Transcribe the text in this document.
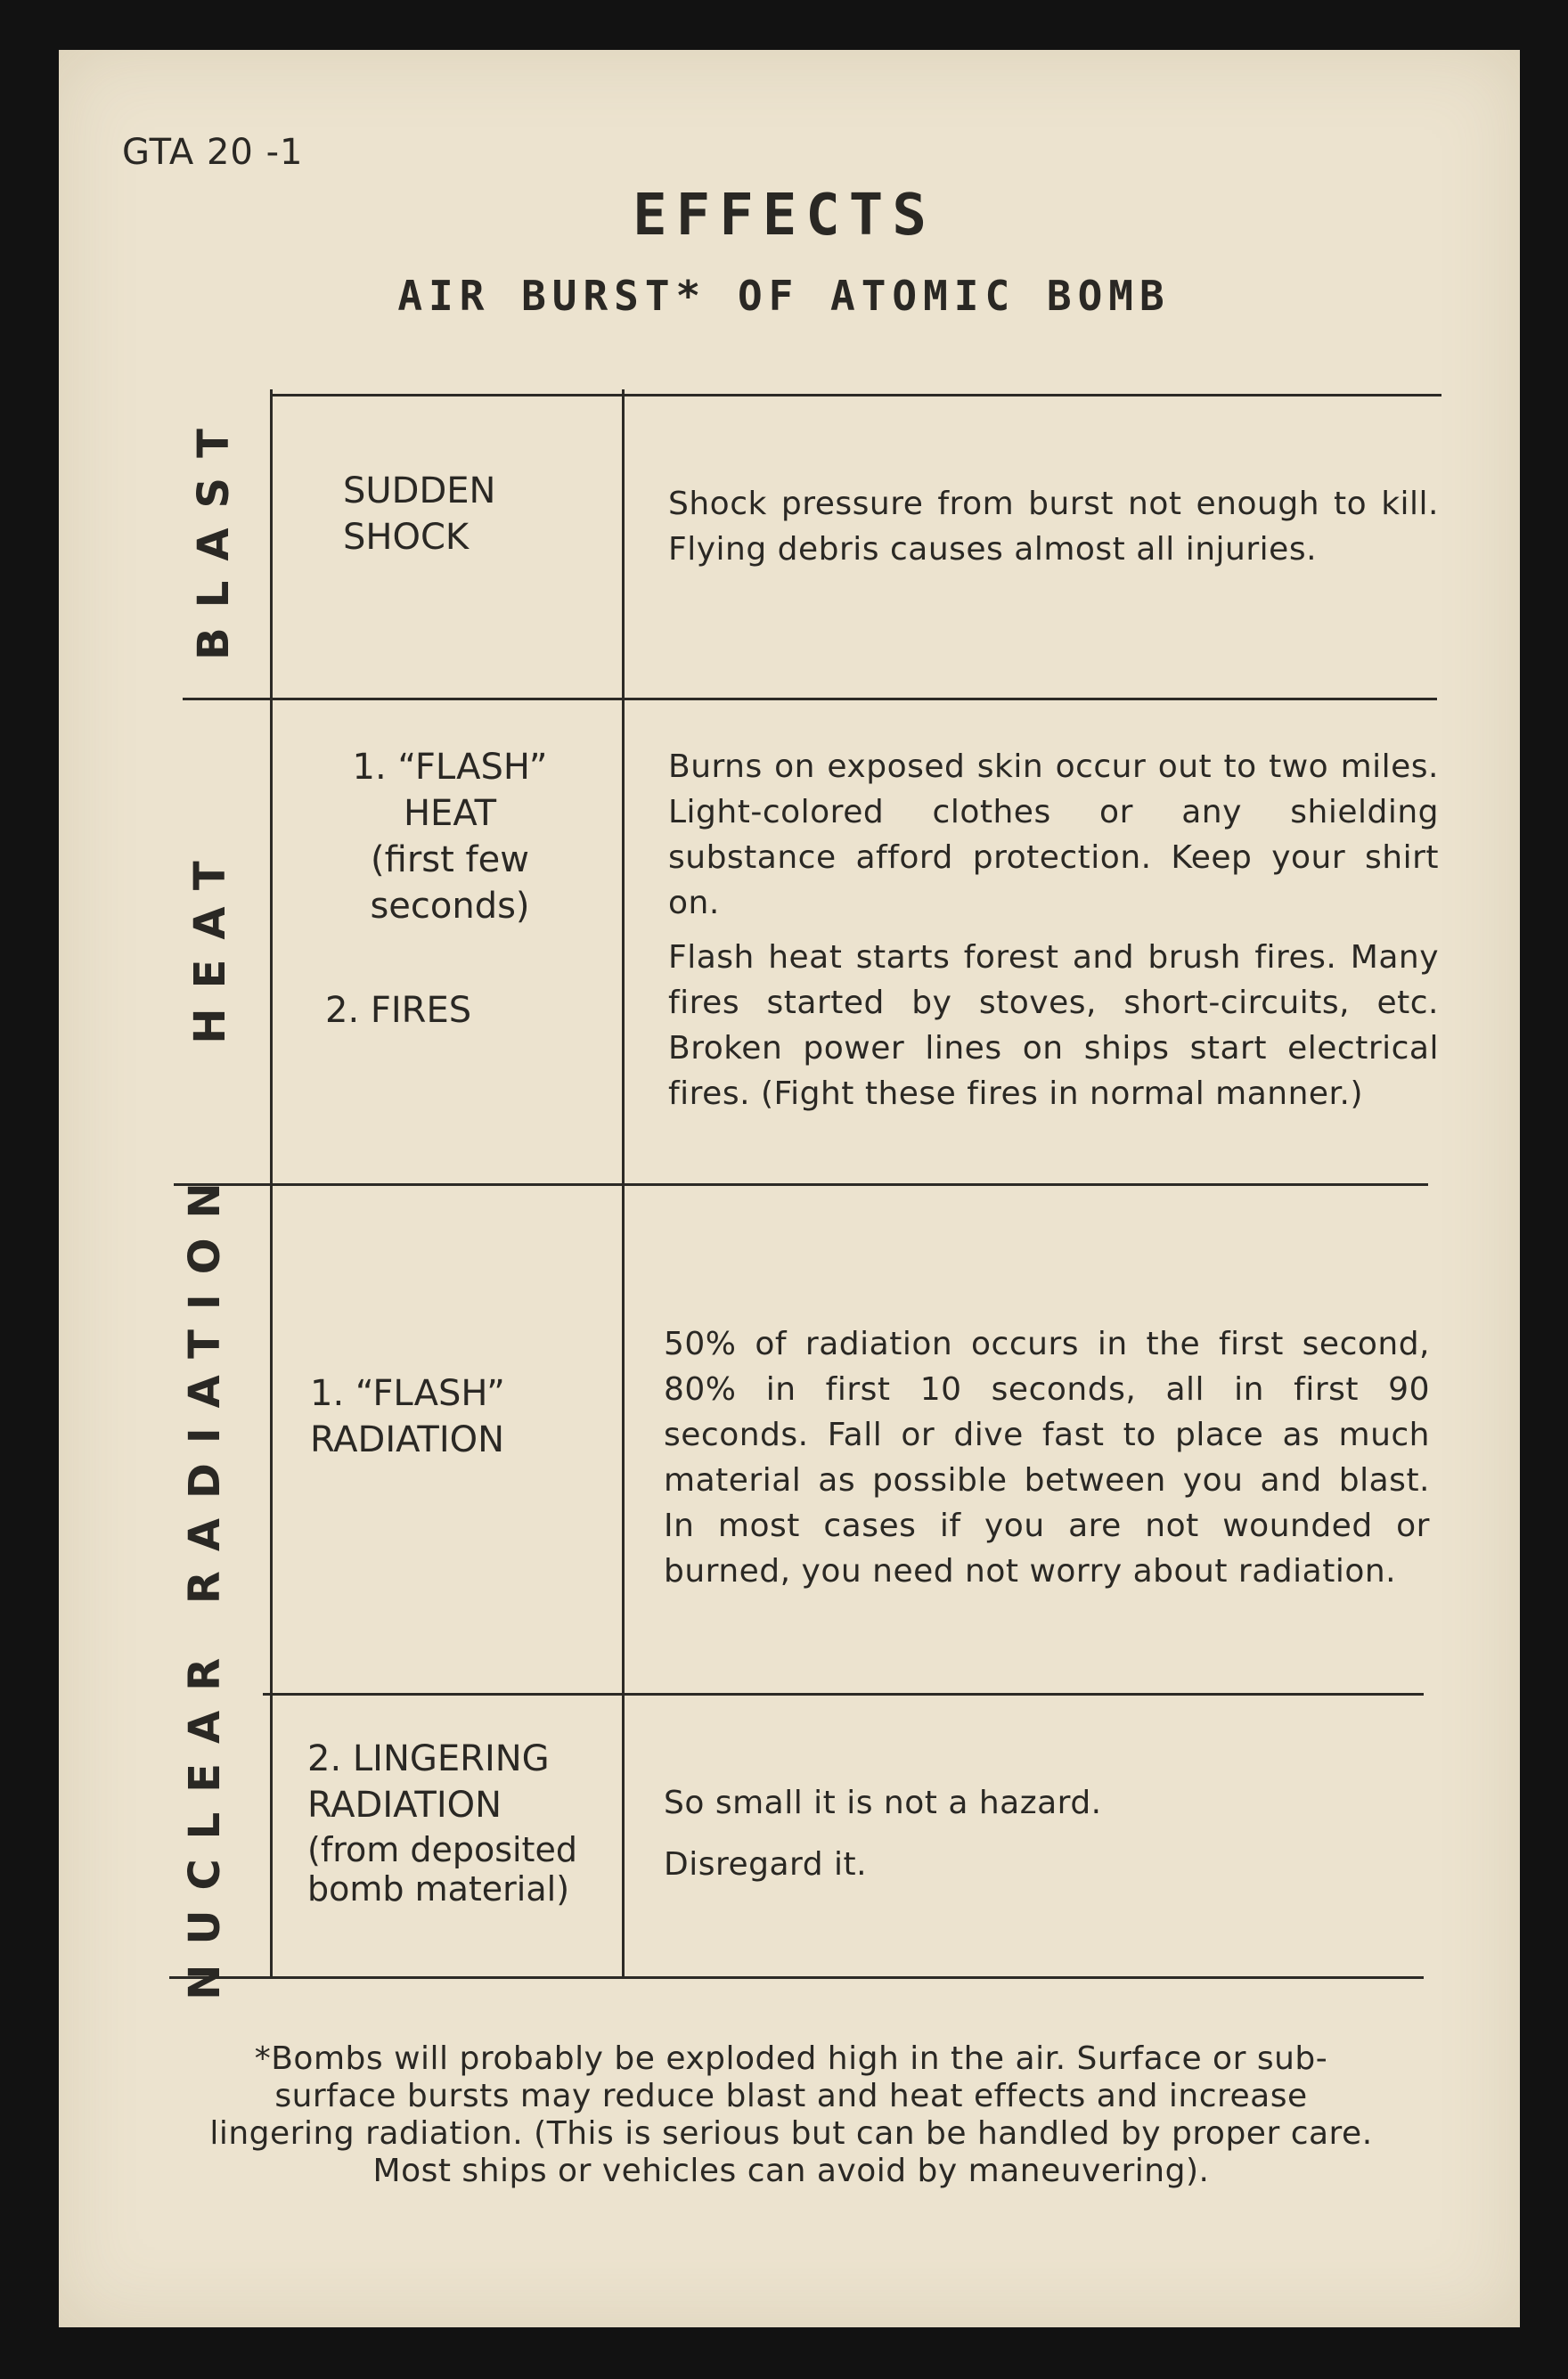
GTA 20 -1
EFFECTS
AIR BURST* OF ATOMIC BOMB
BLAST
HEAT
NUCLEAR RADIATION
SUDDEN
SHOCK

Shock pressure from burst not enough to kill. Flying debris causes almost all injuries.

1. “FLASH”
HEAT
(first few seconds)
2. FIRES

Burns on exposed skin occur out to two miles. Light-colored clothes or any shielding substance afford protection. Keep your shirt on.

Flash heat starts forest and brush fires. Many fires started by stoves, short-circuits, etc. Broken power lines on ships start electrical fires. (Fight these fires in normal manner.)

1. “FLASH”
RADIATION

50% of radiation occurs in the first second, 80% in first 10 seconds, all in first 90 seconds. Fall or dive fast to place as much material as possible between you and blast. In most cases if you are not wounded or burned, you need not worry about radiation.

2. LINGERING
RADIATION
(from deposited
bomb material)

So small it is not a hazard.

Disregard it.

*Bombs will probably be exploded high in the air. Surface or sub-surface bursts may reduce blast and heat effects and increase lingering radiation. (This is serious but can be handled by proper care. Most ships or vehicles can avoid by maneuvering).
